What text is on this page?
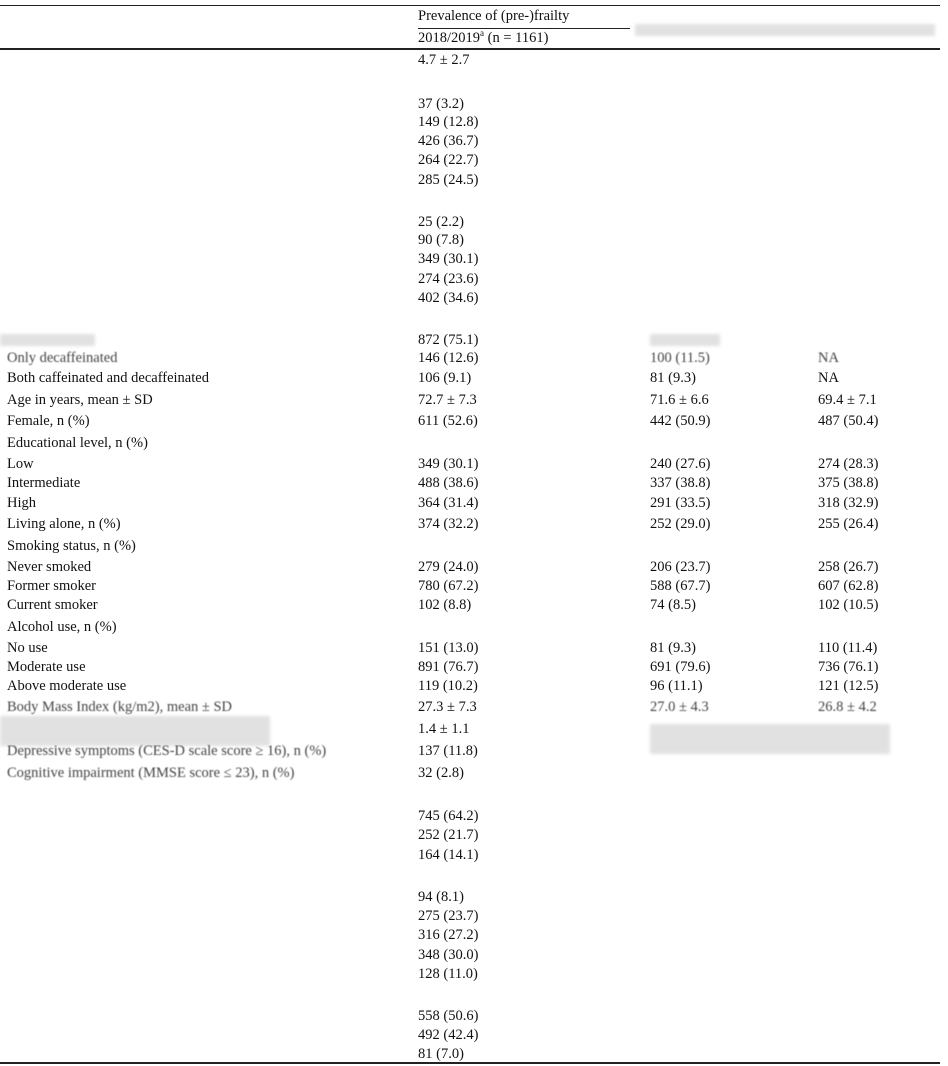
Prevalence of (pre-)frailty
2018/2019$^a$ (n = 1161)
4.7 ± 2.7
37 (3.2)
149 (12.8)
426 (36.7)
264 (22.7)
285 (24.5)
25 (2.2)
90 (7.8)
349 (30.1)
274 (23.6)
402 (34.6)
872 (75.1)
Only decaffeinated	146 (12.6)	100 (11.5)	NA
Both caffeinated and decaffeinated	106 (9.1)	81 (9.3)	NA
Age in years, mean ± SD	72.7 ± 7.3	71.6 ± 6.6	69.4 ± 7.1
Female, n (%)	611 (52.6)	442 (50.9)	487 (50.4)
Educational level, n (%)
Low	349 (30.1)	240 (27.6)	274 (28.3)
Intermediate	488 (38.6)	337 (38.8)	375 (38.8)
High	364 (31.4)	291 (33.5)	318 (32.9)
Living alone, n (%)	374 (32.2)	252 (29.0)	255 (26.4)
Smoking status, n (%)
Never smoked	279 (24.0)	206 (23.7)	258 (26.7)
Former smoker	780 (67.2)	588 (67.7)	607 (62.8)
Current smoker	102 (8.8)	74 (8.5)	102 (10.5)
Alcohol use, n (%)
No use	151 (13.0)	81 (9.3)	110 (11.4)
Moderate use	891 (76.7)	691 (79.6)	736 (76.1)
Above moderate use	119 (10.2)	96 (11.1)	121 (12.5)
Body Mass Index (kg/m2), mean ± SD	27.3 ± 7.3	27.0 ± 4.3	26.8 ± 4.2
1.4 ± 1.1
Depressive symptoms (CES-D scale score ≥ 16), n (%)	137 (11.8)
Cognitive impairment (MMSE score ≤ 23), n (%)	32 (2.8)
745 (64.2)
252 (21.7)
164 (14.1)
94 (8.1)
275 (23.7)
316 (27.2)
348 (30.0)
128 (11.0)
558 (50.6)
492 (42.4)
81 (7.0)
